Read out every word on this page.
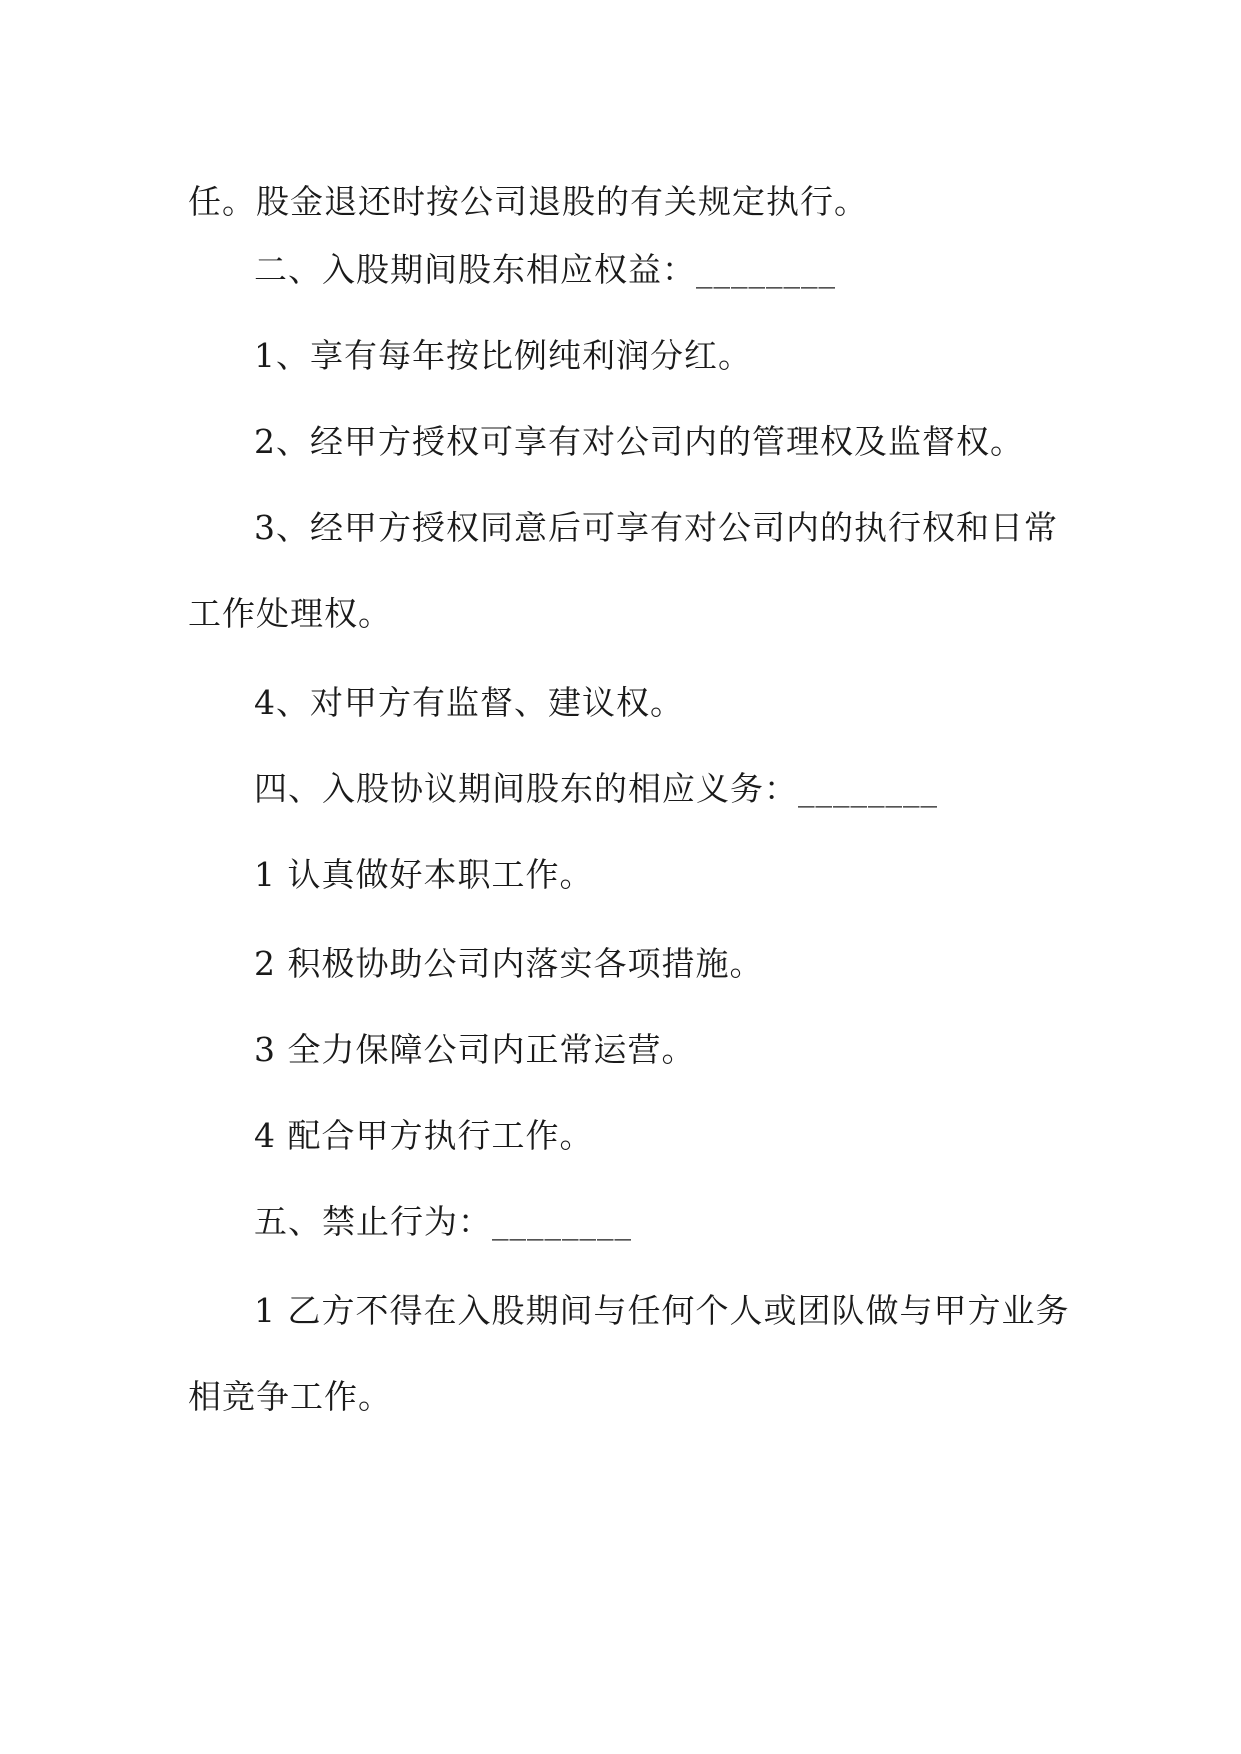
任。股金退还时按公司退股的有关规定执行。
二、入股期间股东相应权益：________
1、享有每年按比例纯利润分红。
2、经甲方授权可享有对公司内的管理权及监督权。
3、经甲方授权同意后可享有对公司内的执行权和日常
工作处理权。
4、对甲方有监督、建议权。
四、入股协议期间股东的相应义务：________
1 认真做好本职工作。
2 积极协助公司内落实各项措施。
3 全力保障公司内正常运营。
4 配合甲方执行工作。
五、禁止行为：________
1 乙方不得在入股期间与任何个人或团队做与甲方业务
相竞争工作。
